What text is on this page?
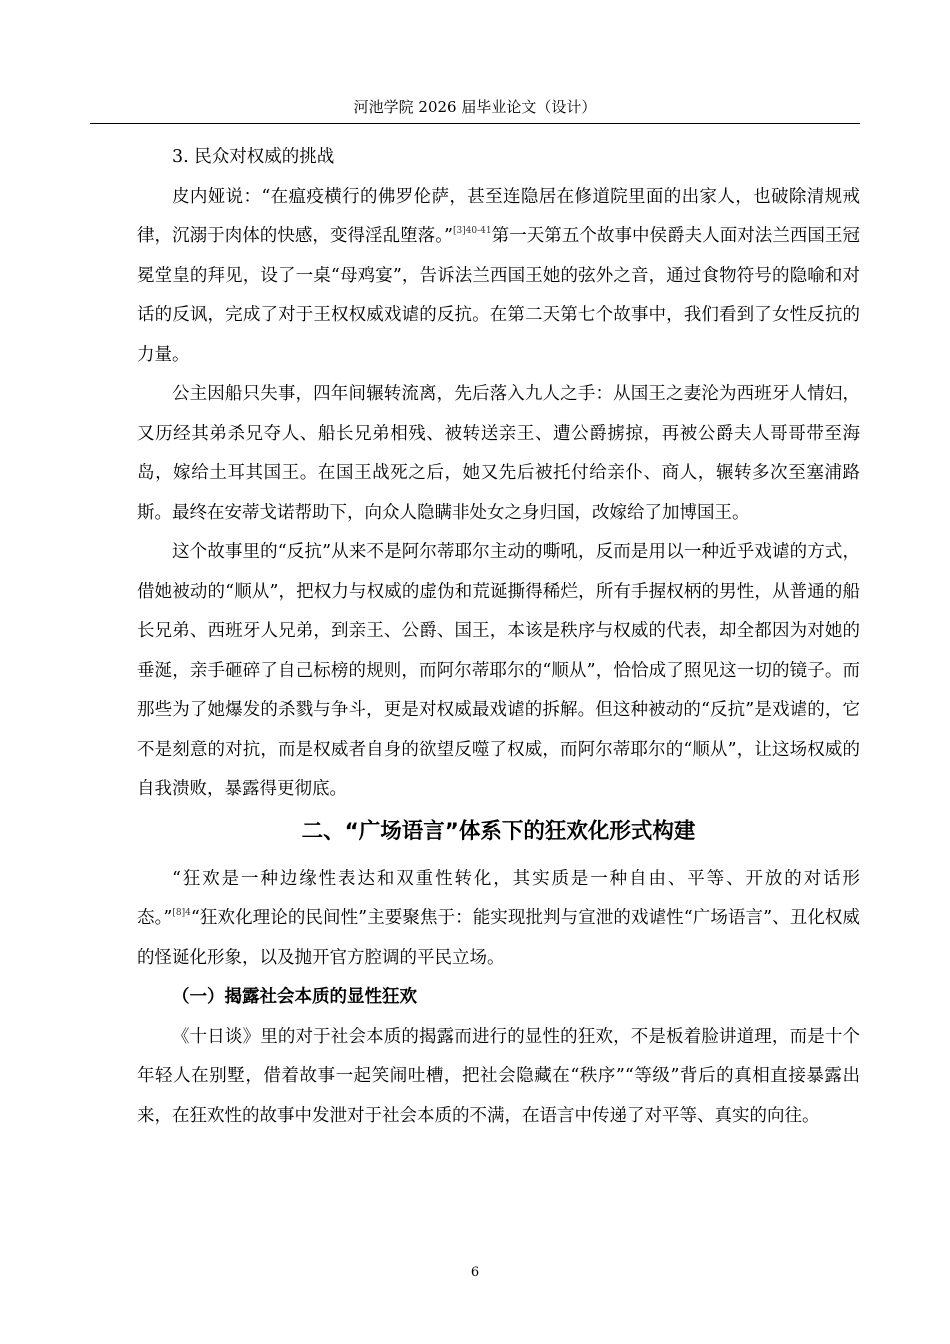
河池学院 2026 届毕业论文（设计）

3. 民众对权威的挑战

皮内娅说：“在瘟疫横行的佛罗伦萨，甚至连隐居在修道院里面的出家人，也破除清规戒律，沉溺于肉体的快感，变得淫乱堕落。”$^{[3]40-41}$第一天第五个故事中侯爵夫人面对法兰西国王冠冕堂皇的拜见，设了一桌“母鸡宴”，告诉法兰西国王她的弦外之音，通过食物符号的隐喻和对话的反讽，完成了对于王权权威戏谑的反抗。在第二天第七个故事中，我们看到了女性反抗的力量。

公主因船只失事，四年间辗转流离，先后落入九人之手：从国王之妻沦为西班牙人情妇，又历经其弟杀兄夺人、船长兄弟相残、被转送亲王、遭公爵掳掠，再被公爵夫人哥哥带至海岛，嫁给土耳其国王。在国王战死之后，她又先后被托付给亲仆、商人，辗转多次至塞浦路斯。最终在安蒂戈诺帮助下，向众人隐瞒非处女之身归国，改嫁给了加博国王。

这个故事里的“反抗”从来不是阿尔蒂耶尔主动的嘶吼，反而是用以一种近乎戏谑的方式，借她被动的“顺从”，把权力与权威的虚伪和荒诞撕得稀烂，所有手握权柄的男性，从普通的船长兄弟、西班牙人兄弟，到亲王、公爵、国王，本该是秩序与权威的代表，却全都因为对她的垂涎，亲手砸碎了自己标榜的规则，而阿尔蒂耶尔的“顺从”，恰恰成了照见这一切的镜子。而那些为了她爆发的杀戮与争斗，更是对权威最戏谑的拆解。但这种被动的“反抗”是戏谑的，它不是刻意的对抗，而是权威者自身的欲望反噬了权威，而阿尔蒂耶尔的“顺从”，让这场权威的自我溃败，暴露得更彻底。

二、“广场语言”体系下的狂欢化形式构建

“狂欢是一种边缘性表达和双重性转化，其实质是一种自由、平等、开放的对话形态。”$^{[8]4}$“狂欢化理论的民间性”主要聚焦于：能实现批判与宣泄的戏谑性“广场语言”、丑化权威的怪诞化形象，以及抛开官方腔调的平民立场。

（一）揭露社会本质的显性狂欢

《十日谈》里的对于社会本质的揭露而进行的显性的狂欢，不是板着脸讲道理，而是十个年轻人在别墅，借着故事一起笑闹吐槽，把社会隐藏在“秩序”“等级”背后的真相直接暴露出来，在狂欢性的故事中发泄对于社会本质的不满，在语言中传递了对平等、真实的向往。

6
